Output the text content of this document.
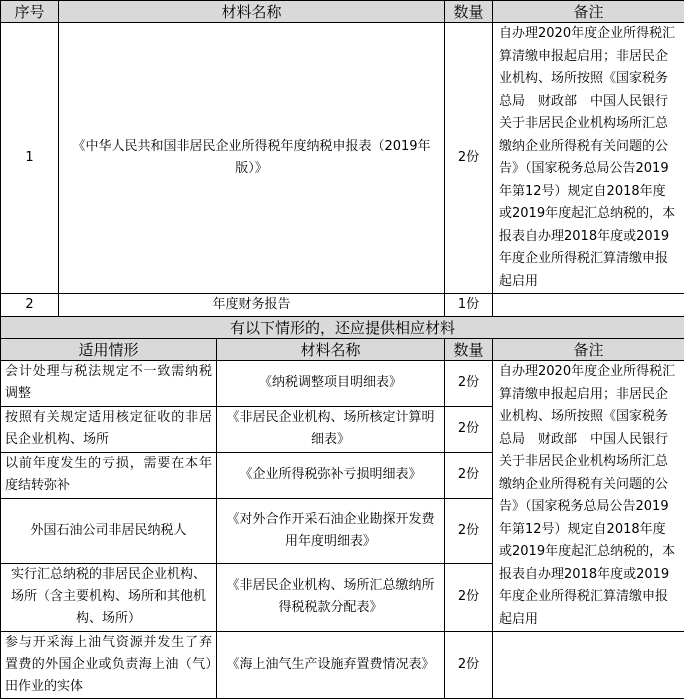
序号	材料名称		数量	备注
1	《中华人民共和国非居民企业所得税年度纳税申报表（2019年版）》		2份	自办理2020年度企业所得税汇算清缴申报起启用；非居民企业机构、场所按照《国家税务总局　财政部　中国人民银行关于非居民企业机构场所汇总缴纳企业所得税有关问题的公告》（国家税务总局公告2019年第12号）规定自2018年度或2019年度起汇总纳税的，本报表自办理2018年度或2019年度企业所得税汇算清缴申报起启用
2	年度财务报告		1份	
有以下情形的，还应提供相应材料				
适用情形		材料名称	数量	备注
会计处理与税法规定不一致需纳税调整		《纳税调整项目明细表》	2份	自办理2020年度企业所得税汇算清缴申报起启用；非居民企业机构、场所按照《国家税务总局　财政部　中国人民银行关于非居民企业机构场所汇总缴纳企业所得税有关问题的公告》（国家税务总局公告2019年第12号）规定自2018年度或2019年度起汇总纳税的，本报表自办理2018年度或2019年度企业所得税汇算清缴申报起启用
按照有关规定适用核定征收的非居民企业机构、场所		《非居民企业机构、场所核定计算明细表》	2份	
以前年度发生的亏损，需要在本年度结转弥补		《企业所得税弥补亏损明细表》	2份	
外国石油公司非居民纳税人		《对外合作开采石油企业勘探开发费用年度明细表》	2份	
实行汇总纳税的非居民企业机构、场所（含主要机构、场所和其他机构、场所）		《非居民企业机构、场所汇总缴纳所得税税款分配表》	2份	
参与开采海上油气资源并发生了弃置费的外国企业或负责海上油（气）田作业的实体		《海上油气生产设施弃置费情况表》	2份	
